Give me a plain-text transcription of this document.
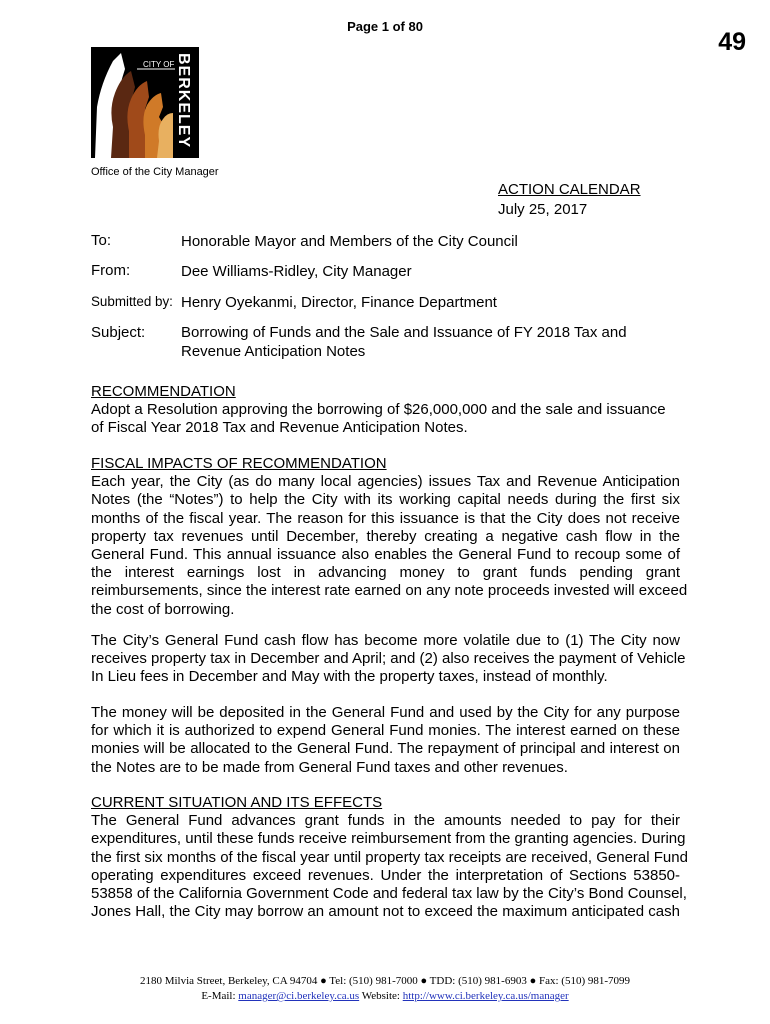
Page 1 of 80
49
CITY OF BERKELEY
Office of the City Manager
ACTION CALENDAR
July 25, 2017
To:	Honorable Mayor and Members of the City Council
From:	Dee Williams-Ridley, City Manager
Submitted by: Henry Oyekanmi, Director, Finance Department
Subject: Borrowing of Funds and the Sale and Issuance of FY 2018 Tax and
Revenue Anticipation Notes
RECOMMENDATION
Adopt a Resolution approving the borrowing of $26,000,000 and the sale and issuance
of Fiscal Year 2018 Tax and Revenue Anticipation Notes.
FISCAL IMPACTS OF RECOMMENDATION
Each year, the City (as do many local agencies) issues Tax and Revenue Anticipation
Notes (the “Notes”) to help the City with its working capital needs during the first six
months of the fiscal year. The reason for this issuance is that the City does not receive
property tax revenues until December, thereby creating a negative cash flow in the
General Fund. This annual issuance also enables the General Fund to recoup some of
the interest earnings lost in advancing money to grant funds pending grant
reimbursements, since the interest rate earned on any note proceeds invested will exceed
the cost of borrowing.
The City’s General Fund cash flow has become more volatile due to (1) The City now
receives property tax in December and April; and (2) also receives the payment of Vehicle
In Lieu fees in December and May with the property taxes, instead of monthly.
The money will be deposited in the General Fund and used by the City for any purpose
for which it is authorized to expend General Fund monies. The interest earned on these
monies will be allocated to the General Fund. The repayment of principal and interest on
the Notes are to be made from General Fund taxes and other revenues.
CURRENT SITUATION AND ITS EFFECTS
The General Fund advances grant funds in the amounts needed to pay for their
expenditures, until these funds receive reimbursement from the granting agencies. During
the first six months of the fiscal year until property tax receipts are received, General Fund
operating expenditures exceed revenues. Under the interpretation of Sections 53850-
53858 of the California Government Code and federal tax law by the City’s Bond Counsel,
Jones Hall, the City may borrow an amount not to exceed the maximum anticipated cash
2180 Milvia Street, Berkeley, CA 94704 ● Tel: (510) 981-7000 ● TDD: (510) 981-6903 ● Fax: (510) 981-7099
E-Mail: manager@ci.berkeley.ca.us Website: http://www.ci.berkeley.ca.us/manager
